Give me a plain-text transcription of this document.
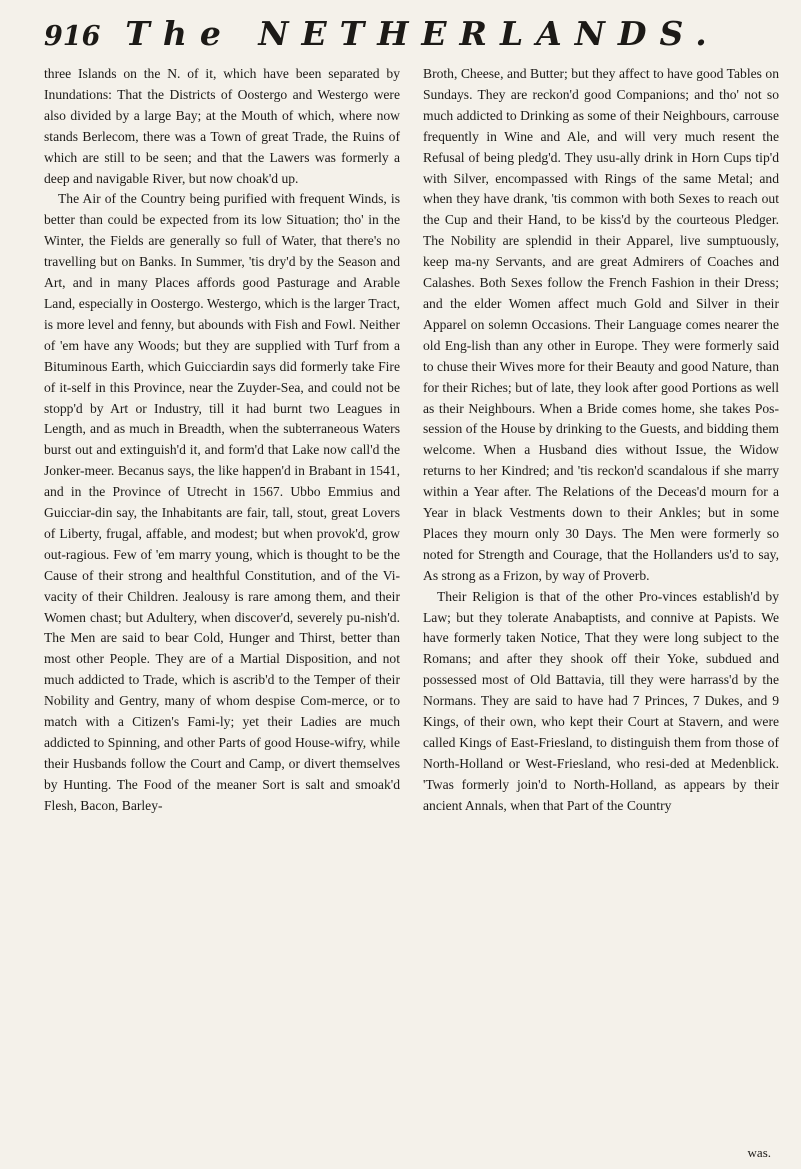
916 The NETHERLANDS.

three Islands on the N. of it, which have been separated by Inundations: That the Districts of Oostergo and Westergo were also divided by a large Bay; at the Mouth of which, where now stands Berlecom, there was a Town of great Trade, the Ruins of which are still to be seen; and that the Lawers was formerly a deep and navigable River, but now choak'd up.

The Air of the Country being purified with frequent Winds, is better than could be expected from its low Situation; tho' in the Winter, the Fields are generally so full of Water, that there's no travelling but on Banks. In Summer, 'tis dry'd by the Season and Art, and in many Places affords good Pasturage and Arable Land, especially in Oostergo. Westergo, which is the larger Tract, is more level and fenny, but abounds with Fish and Fowl. Neither of 'em have any Woods; but they are supplied with Turf from a Bituminous Earth, which Guicciardin says did formerly take Fire of it-self in this Province, near the Zuyder-Sea, and could not be stopp'd by Art or Industry, till it had burnt two Leagues in Length, and as much in Breadth, when the subterraneous Waters burst out and extinguish'd it, and form'd that Lake now call'd the Jonker-meer. Becanus says, the like happen'd in Brabant in 1541, and in the Province of Utrecht in 1567. Ubbo Emmius and Guicciar-din say, the Inhabitants are fair, tall, stout, great Lovers of Liberty, frugal, affable, and modest; but when provok'd, grow out-ragious. Few of 'em marry young, which is thought to be the Cause of their strong and healthful Constitution, and of the Vi-vacity of their Children. Jealousy is rare among them, and their Women chast; but Adultery, when discover'd, severely pu-nish'd. The Men are said to bear Cold, Hunger and Thirst, better than most other People. They are of a Martial Disposition, and not much addicted to Trade, which is ascrib'd to the Temper of their Nobility and Gentry, many of whom despise Com-merce, or to match with a Citizen's Fami-ly; yet their Ladies are much addicted to Spinning, and other Parts of good House-wifry, while their Husbands follow the Court and Camp, or divert themselves by Hunting. The Food of the meaner Sort is salt and smoak'd Flesh, Bacon, Barley-

Broth, Cheese, and Butter; but they affect to have good Tables on Sundays. They are reckon'd good Companions; and tho' not so much addicted to Drinking as some of their Neighbours, carrouse frequently in Wine and Ale, and will very much resent the Refusal of being pledg'd. They usu-ally drink in Horn Cups tip'd with Silver, encompassed with Rings of the same Metal; and when they have drank, 'tis common with both Sexes to reach out the Cup and their Hand, to be kiss'd by the courteous Pledger. The Nobility are splendid in their Apparel, live sumptuously, keep ma-ny Servants, and are great Admirers of Coaches and Calashes. Both Sexes follow the French Fashion in their Dress; and the elder Women affect much Gold and Silver in their Apparel on solemn Occasions. Their Language comes nearer the old Eng-lish than any other in Europe. They were formerly said to chuse their Wives more for their Beauty and good Nature, than for their Riches; but of late, they look after good Portions as well as their Neighbours. When a Bride comes home, she takes Pos-session of the House by drinking to the Guests, and bidding them welcome. When a Husband dies without Issue, the Widow returns to her Kindred; and 'tis reckon'd scandalous if she marry within a Year after. The Relations of the Deceas'd mourn for a Year in black Vestments down to their Ankles; but in some Places they mourn only 30 Days. The Men were formerly so noted for Strength and Courage, that the Hollanders us'd to say, As strong as a Frizon, by way of Proverb.

Their Religion is that of the other Pro-vinces establish'd by Law; but they tolerate Anabaptists, and connive at Papists. We have formerly taken Notice, That they were long subject to the Romans; and after they shook off their Yoke, subdued and possessed most of Old Battavia, till they were harrass'd by the Normans. They are said to have had 7 Princes, 7 Dukes, and 9 Kings, of their own, who kept their Court at Stavern, and were called Kings of East-Friesland, to distinguish them from those of North-Holland or West-Friesland, who resi-ded at Medenblick. 'Twas formerly join'd to North-Holland, as appears by their ancient Annals, when that Part of the Country

was.
